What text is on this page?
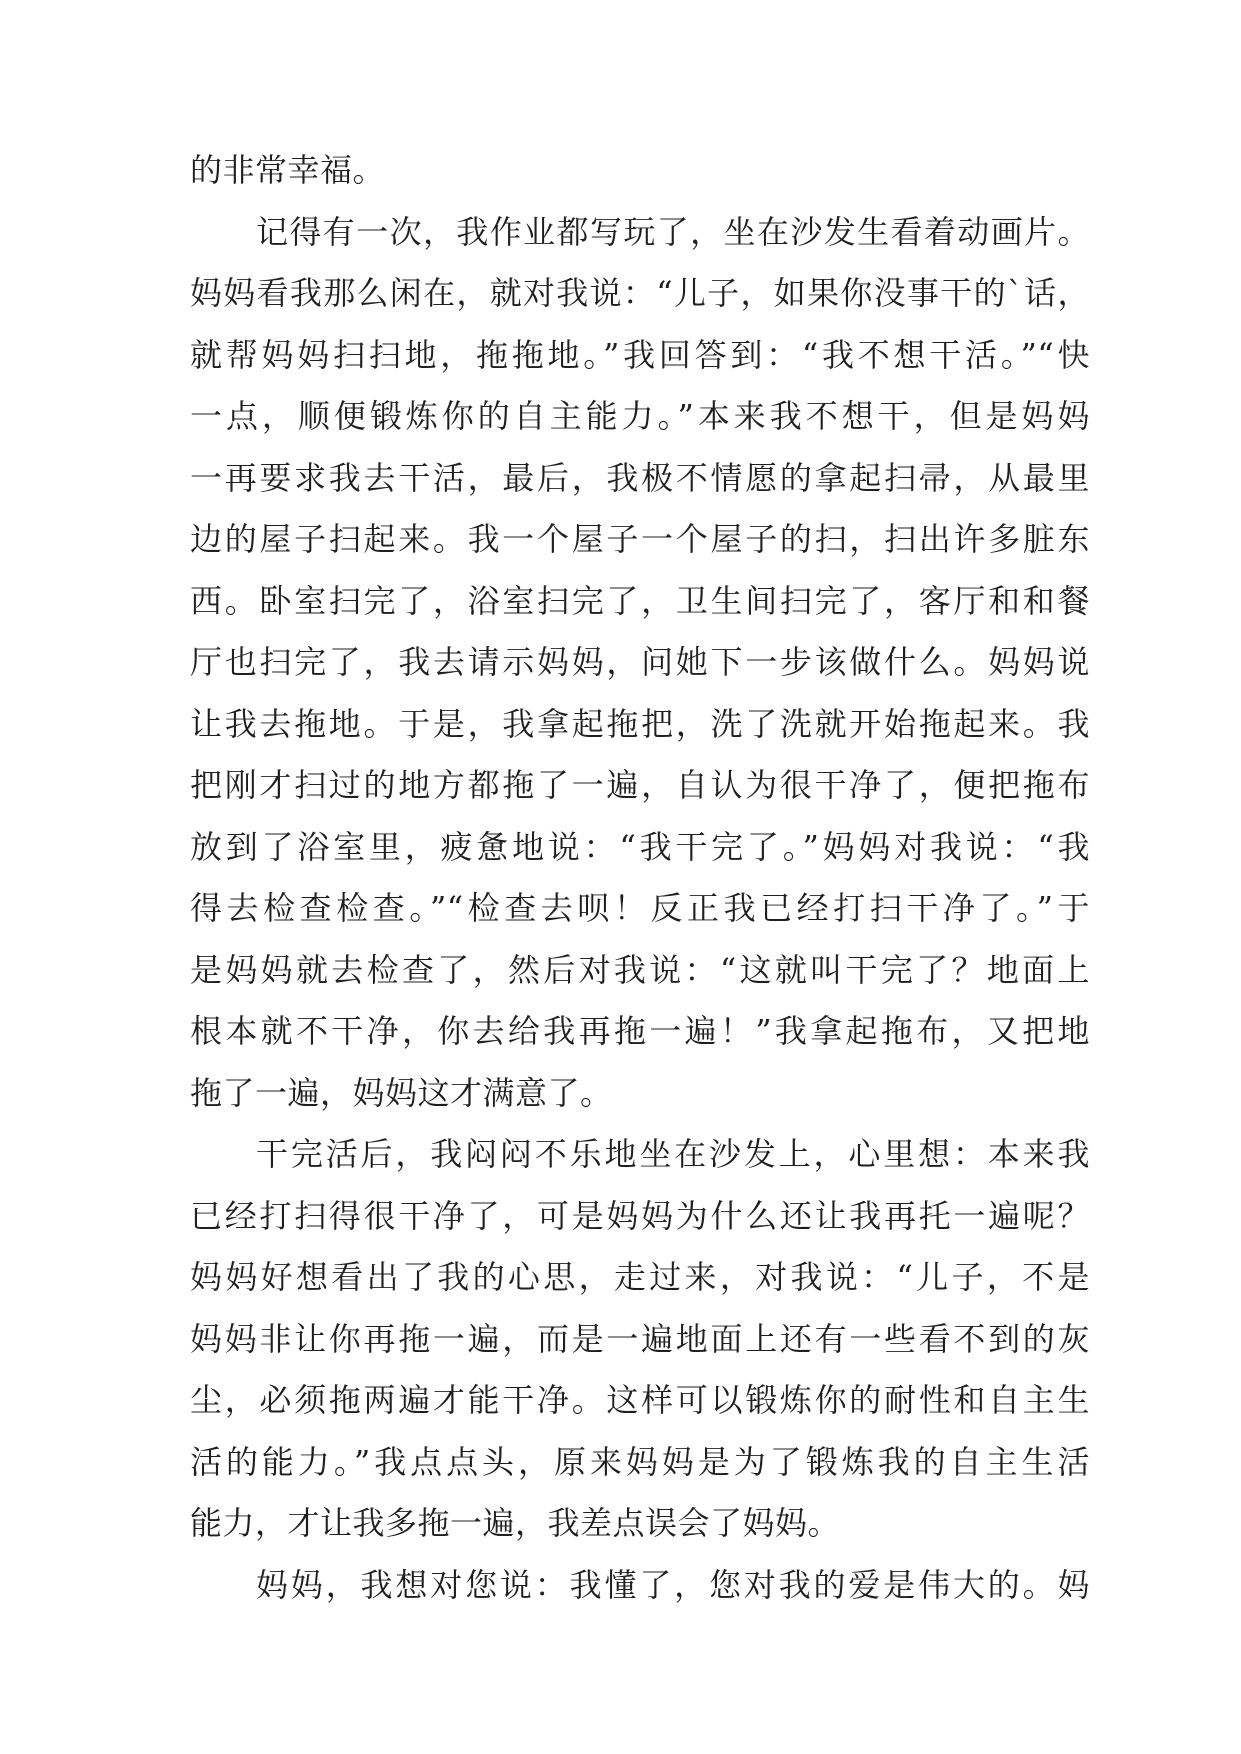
的非常幸福。
记得有一次，我作业都写玩了，坐在沙发生看着动画片。
妈妈看我那么闲在，就对我说：“儿子，如果你没事干的`话，
就帮妈妈扫扫地，拖拖地。”我回答到：“我不想干活。”“快
一点，顺便锻炼你的自主能力。”本来我不想干，但是妈妈
一再要求我去干活，最后，我极不情愿的拿起扫帚，从最里
边的屋子扫起来。我一个屋子一个屋子的扫，扫出许多脏东
西。卧室扫完了，浴室扫完了，卫生间扫完了，客厅和和餐
厅也扫完了，我去请示妈妈，问她下一步该做什么。妈妈说
让我去拖地。于是，我拿起拖把，洗了洗就开始拖起来。我
把刚才扫过的地方都拖了一遍，自认为很干净了，便把拖布
放到了浴室里，疲惫地说：“我干完了。”妈妈对我说：“我
得去检查检查。”“检查去呗！反正我已经打扫干净了。”于
是妈妈就去检查了，然后对我说：“这就叫干完了？地面上
根本就不干净，你去给我再拖一遍！”我拿起拖布，又把地
拖了一遍，妈妈这才满意了。
干完活后，我闷闷不乐地坐在沙发上，心里想：本来我
已经打扫得很干净了，可是妈妈为什么还让我再托一遍呢？
妈妈好想看出了我的心思，走过来，对我说：“儿子，不是
妈妈非让你再拖一遍，而是一遍地面上还有一些看不到的灰
尘，必须拖两遍才能干净。这样可以锻炼你的耐性和自主生
活的能力。”我点点头，原来妈妈是为了锻炼我的自主生活
能力，才让我多拖一遍，我差点误会了妈妈。
妈妈，我想对您说：我懂了，您对我的爱是伟大的。妈
